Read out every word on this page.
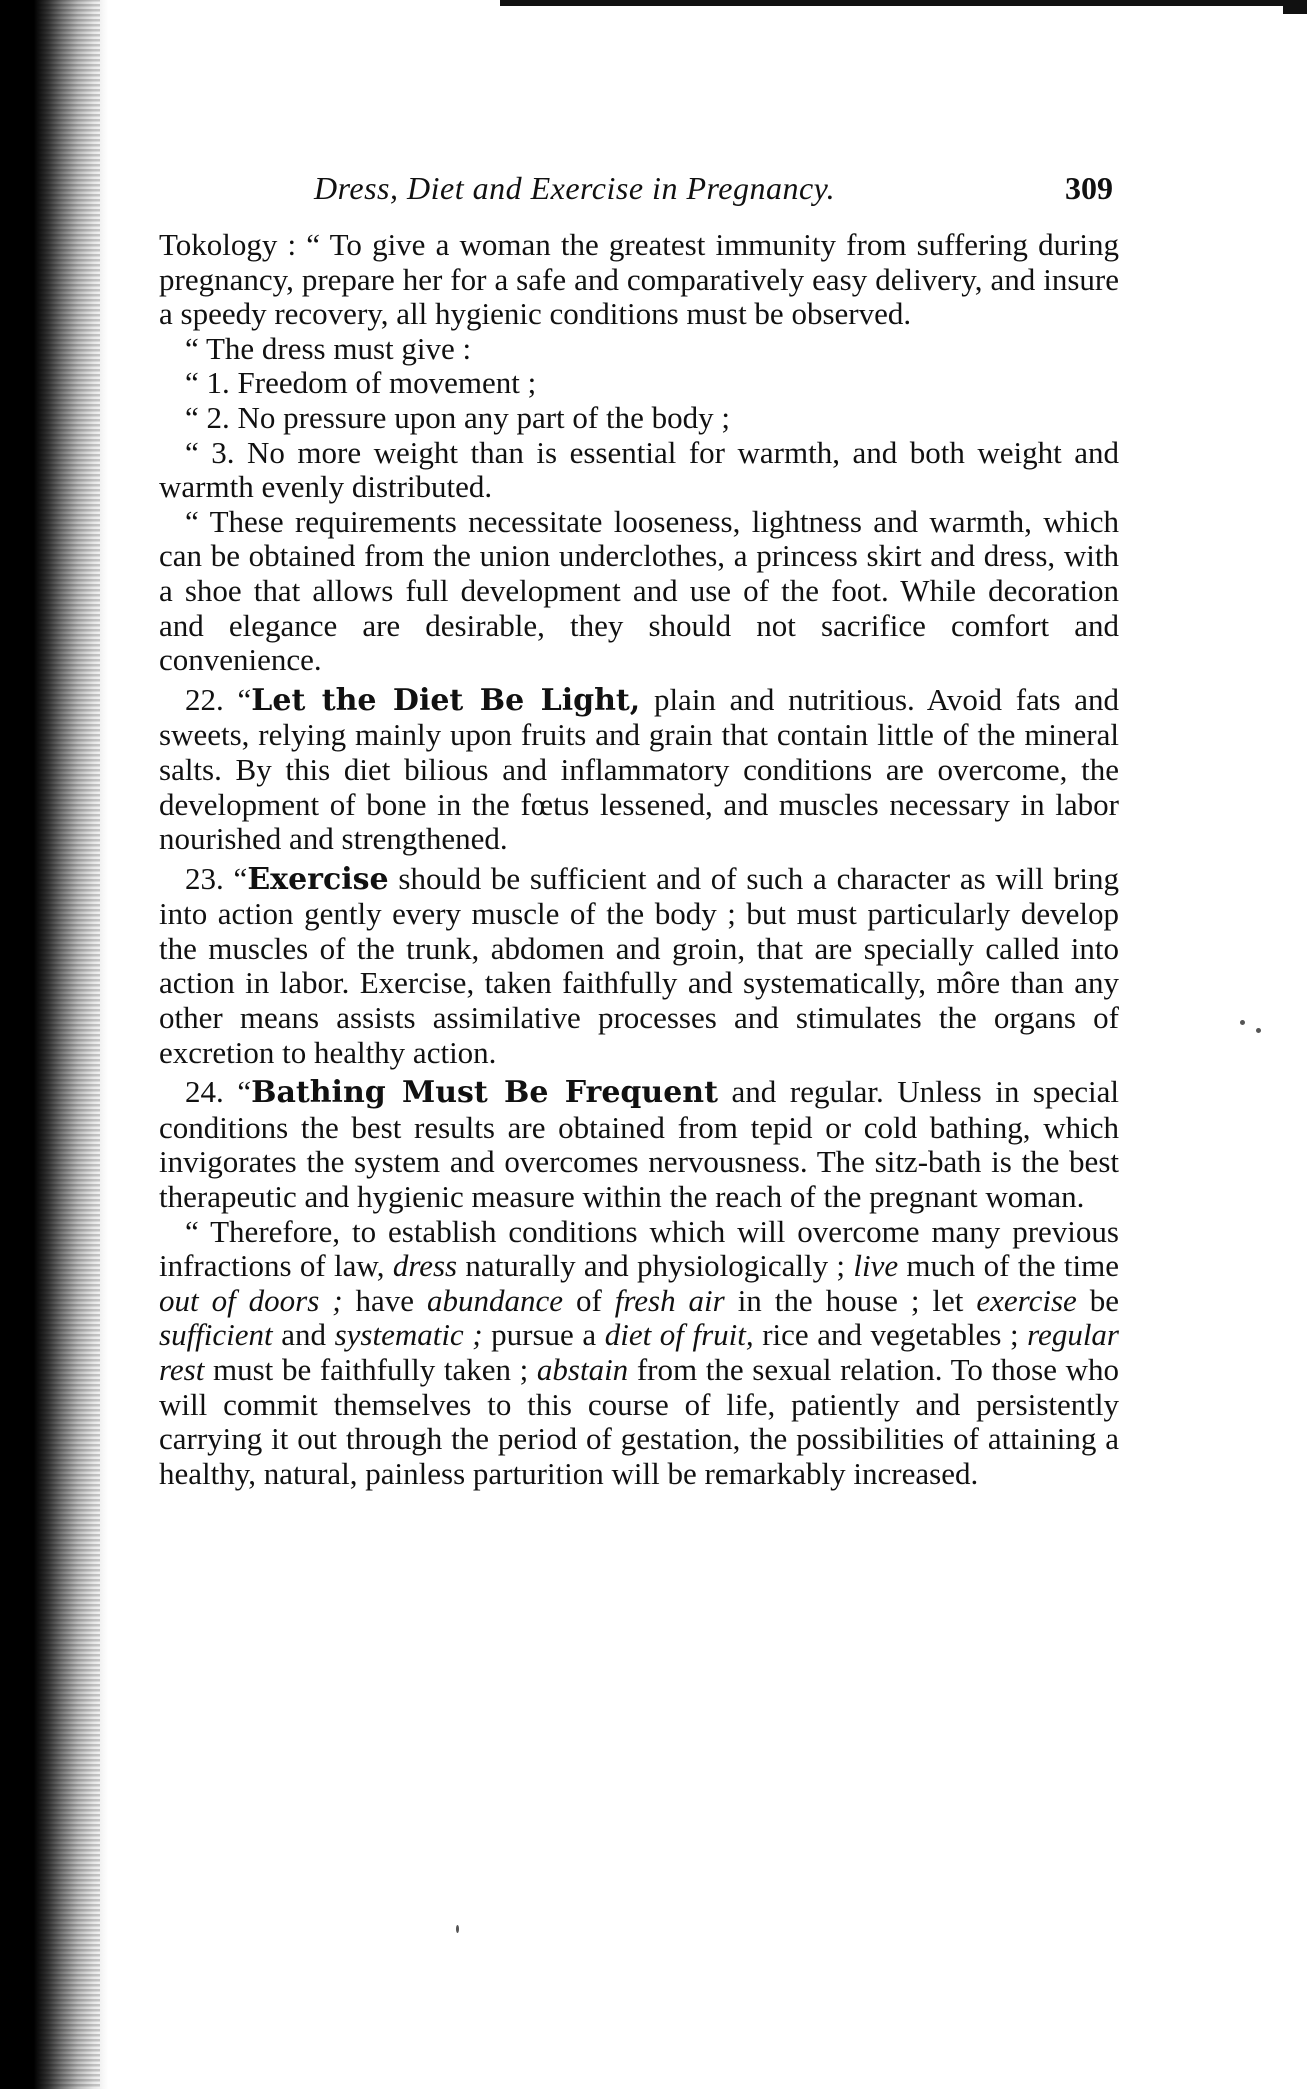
Dress, Diet and Exercise in Pregnancy.	309

Tokology : “ To give a woman the greatest immunity from suffering during pregnancy, prepare her for a safe and comparatively easy delivery, and insure a speedy recovery, all hygienic conditions must be observed.

“ The dress must give :

“ 1. Freedom of movement ;

“ 2. No pressure upon any part of the body ;

“ 3. No more weight than is essential for warmth, and both weight and warmth evenly distributed.

“ These requirements necessitate looseness, lightness and warmth, which can be obtained from the union underclothes, a princess skirt and dress, with a shoe that allows full development and use of the foot. While decoration and elegance are desirable, they should not sacrifice comfort and convenience.

22. “Let the Diet Be Light, plain and nutritious. Avoid fats and sweets, relying mainly upon fruits and grain that contain little of the mineral salts. By this diet bilious and inflammatory conditions are overcome, the development of bone in the fœtus lessened, and muscles necessary in labor nourished and strengthened.

23. “Exercise should be sufficient and of such a character as will bring into action gently every muscle of the body ; but must particularly develop the muscles of the trunk, abdomen and groin, that are specially called into action in labor. Exercise, taken faithfully and systematically, môre than any other means assists assimilative processes and stimulates the organs of excretion to healthy action.

24. “Bathing Must Be Frequent and regular. Unless in special conditions the best results are obtained from tepid or cold bathing, which invigorates the system and overcomes nervousness. The sitz-bath is the best therapeutic and hygienic measure within the reach of the pregnant woman.

“ Therefore, to establish conditions which will overcome many previous infractions of law, dress naturally and physiologically ; live much of the time out of doors ; have abundance of fresh air in the house ; let exercise be sufficient and systematic ; pursue a diet of fruit, rice and vegetables ; regular rest must be faithfully taken ; abstain from the sexual relation. To those who will commit themselves to this course of life, patiently and persistently carrying it out through the period of gestation, the possibilities of attaining a healthy, natural, painless parturition will be remarkably increased.
